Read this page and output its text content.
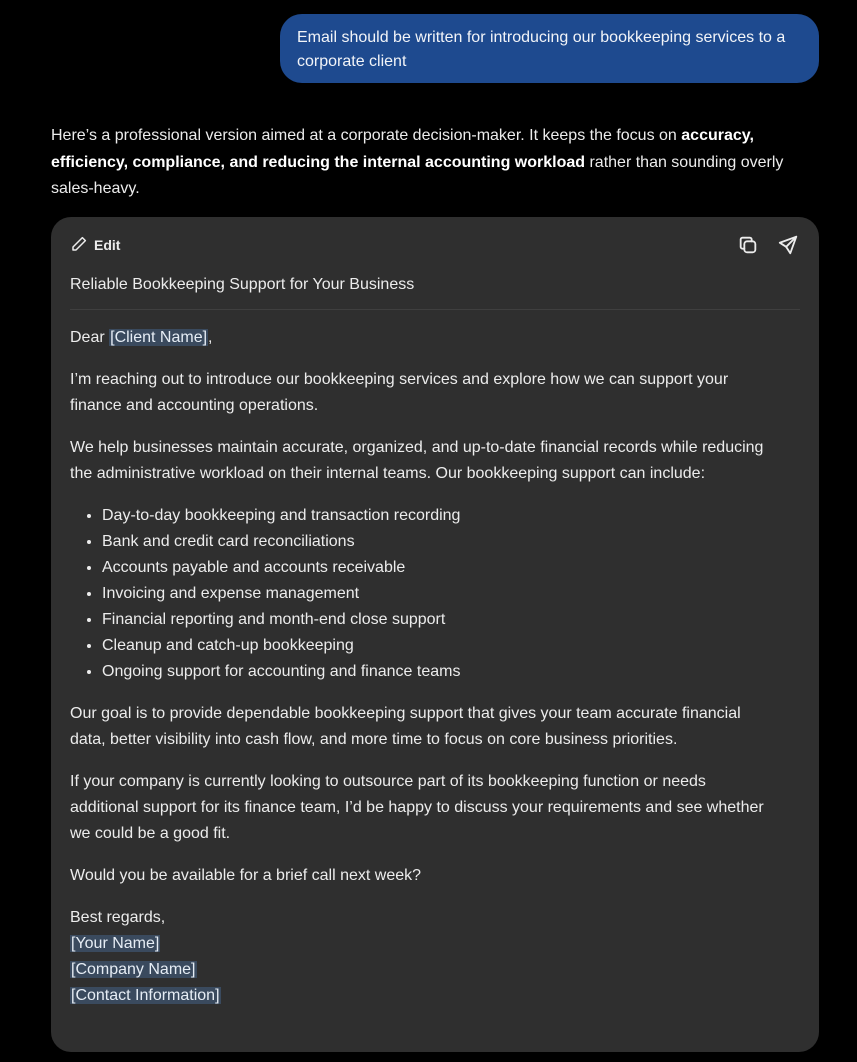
Email should be written for introducing our bookkeeping services to a corporate client
Here’s a professional version aimed at a corporate decision-maker. It keeps the focus on accuracy, efficiency, compliance, and reducing the internal accounting workload rather than sounding overly sales-heavy.
Edit
Reliable Bookkeeping Support for Your Business

Dear [Client Name],

I’m reaching out to introduce our bookkeeping services and explore how we can support your finance and accounting operations.

We help businesses maintain accurate, organized, and up-to-date financial records while reducing the administrative workload on their internal teams. Our bookkeeping support can include:

• Day-to-day bookkeeping and transaction recording
• Bank and credit card reconciliations
• Accounts payable and accounts receivable
• Invoicing and expense management
• Financial reporting and month-end close support
• Cleanup and catch-up bookkeeping
• Ongoing support for accounting and finance teams

Our goal is to provide dependable bookkeeping support that gives your team accurate financial data, better visibility into cash flow, and more time to focus on core business priorities.

If your company is currently looking to outsource part of its bookkeeping function or needs additional support for its finance team, I’d be happy to discuss your requirements and see whether we could be a good fit.

Would you be available for a brief call next week?

Best regards,
[Your Name]
[Company Name]
[Contact Information]
